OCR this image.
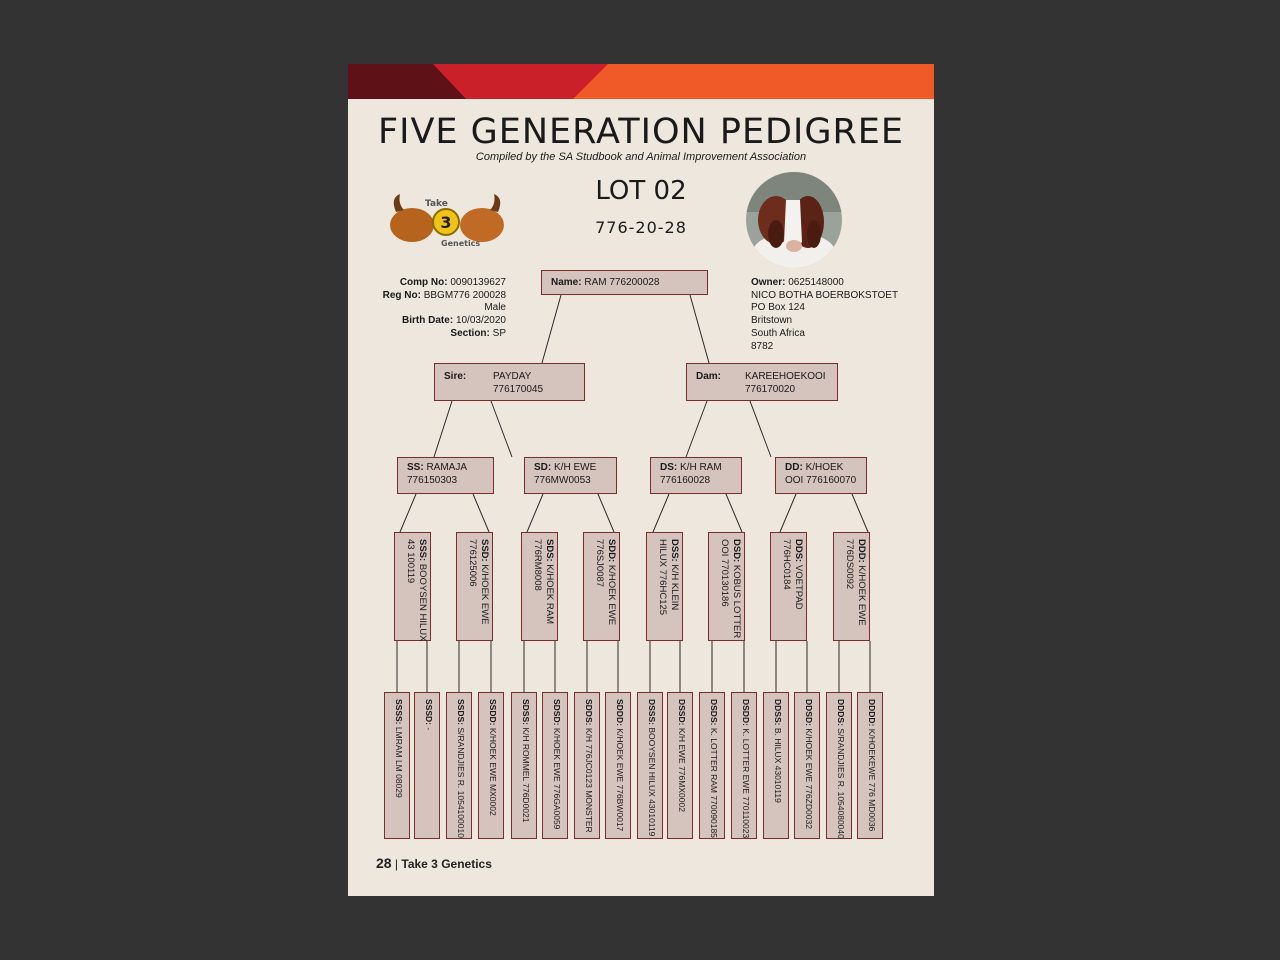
FIVE GENERATION PEDIGREE
Compiled by the SA Studbook and Animal Improvement Association
LOT 02
776-20-28
3
Take
Genetics
Comp No: 0090139627
Reg No: BBGM776 200028
Male
Birth Date: 10/03/2020
Section: SP
Owner: 0625148000
NICO BOTHA BOERBOKSTOET
PO Box 124
Britstown
South Africa
8782
Name: RAM 776200028
Sire:	PAYDAY
776170045
Dam: KAREEHOEKOOI
776170020
SS: RAMAJA
776150303
SD: K/H EWE
776MW0053
DS: K/H RAM
776160028
DD: K/HOEK
OOI 776160070
SSS: BOOYSEN HILUX
43 100119	SSD: K/HOEK EWE
776125006	SDS: K/HOEK RAM
776RM8008	SDD: K/HOEK EWE
776SJ0087	DSS: K/H KLEIN
HILUX 776HC125	DSD: KOBUS LOTTER
OOI 770130186	DDS: VOETPAD
776HC0184	DDD: K/HOEK EWE
776DS0092
SSSS: LMRAM LM 08029
SSSD: -
SSDS: S/RANDJIES R. 1054100010
SSDD: K/HOEK EWE MX0002
SDSS: K/H ROMMEL 776D0021
SDSD: K/HOEK EWE 776GA0059
SDDS: K/H 776JC0123 MONSTER
SDDD: K/HOEK EWE 776BW0017
DSSS: BOOYSEN HILUX 43010119
DSSD: K/H EWE 776MX0002
DSDS: K. LOTTER RAM 770090185
DSDD: K. LOTTER EWE 770110023
DDSS: B. HILUX 43010119
DDSD: K/HOEK EWE 776ZD0032
DDDS: S/RANDJIES R. 1054080040
DDDD: K/HOEKEWE 776 MD0036
28 | Take 3 Genetics
